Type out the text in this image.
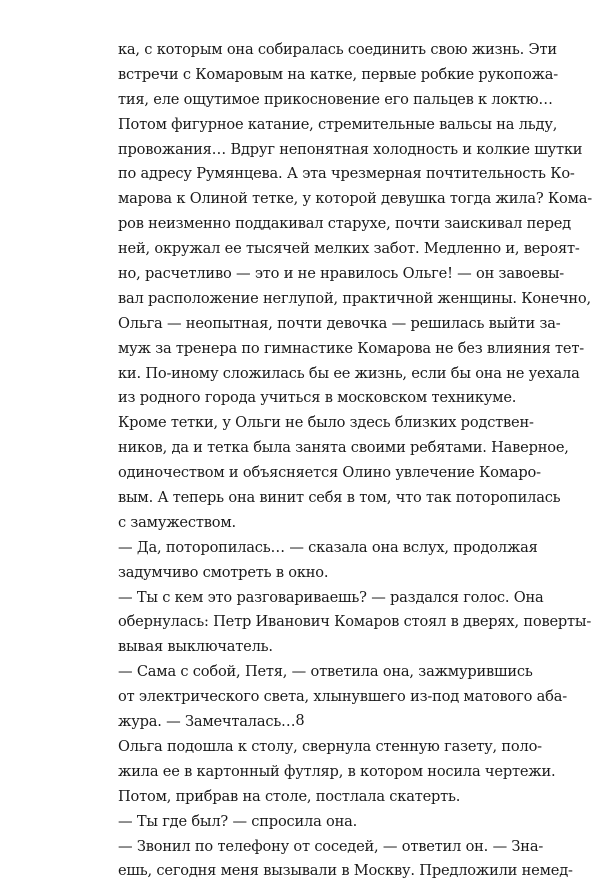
ка, с которым она собиралась соединить свою жизнь. Эти
встречи с Комаровым на катке, первые робкие рукопожа-
тия, еле ощутимое прикосновение его пальцев к локтю…
Потом фигурное катание, стремительные вальсы на льду,
провожания… Вдруг непонятная холодность и колкие шутки
по адресу Румянцева. А эта чрезмерная почтительность Ко-
марова к Олиной тетке, у которой девушка тогда жила? Кома-
ров неизменно поддакивал старухе, почти заискивал перед
ней, окружал ее тысячей мелких забот. Медленно и, вероят-
но, расчетливо — это и не нравилось Ольге! — он завоевы-
вал расположение неглупой, практичной женщины. Конечно,
Ольга — неопытная, почти девочка — решилась выйти за-
муж за тренера по гимнастике Комарова не без влияния тет-
ки. По-иному сложилась бы ее жизнь, если бы она не уехала
из родного города учиться в московском техникуме.
Кроме тетки, у Ольги не было здесь близких родствен-
ников, да и тетка была занята своими ребятами. Наверное,
одиночеством и объясняется Олино увлечение Комаро-
вым. А теперь она винит себя в том, что так поторопилась
с замужеством.
— Да, поторопилась… — сказала она вслух, продолжая
задумчиво смотреть в окно.
— Ты с кем это разговариваешь? — раздался голос. Она
обернулась: Петр Иванович Комаров стоял в дверях, поверты-
вывая выключатель.
— Сама с собой, Петя, — ответила она, зажмурившись
от электрического света, хлынувшего из-под матового аба-
журa. — Замечталась…
Ольга подошла к столу, свернула стенную газету, поло-
жила ее в картонный футляр, в котором носила чертежи.
Потом, прибрав на столе, постлала скатерть.
— Ты где был? — спросила она.
— Звонил по телефону от соседей, — ответил он. — Зна-
ешь, сегодня меня вызывали в Москву. Предложили немед-
8
